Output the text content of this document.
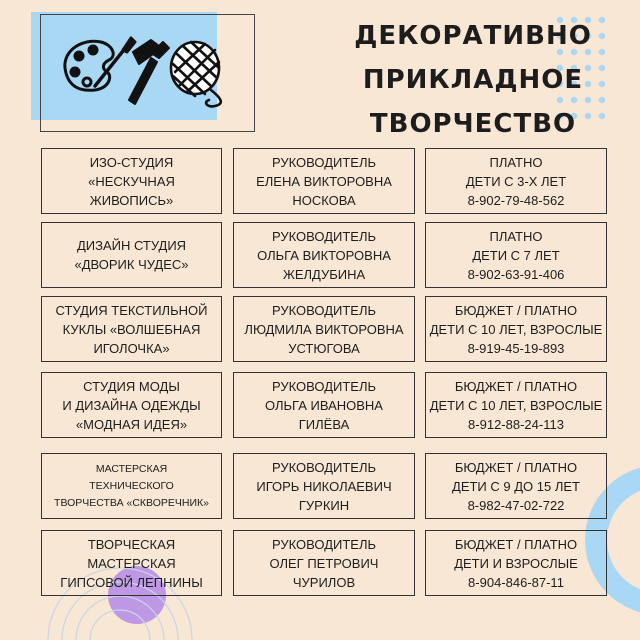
ДЕКОРАТИВНО
ПРИКЛАДНОЕ
ТВОРЧЕСТВО
ИЗО-СТУДИЯ
«НЕСКУЧНАЯ
ЖИВОПИСЬ»
РУКОВОДИТЕЛЬ
ЕЛЕНА ВИКТОРОВНА
НОСКОВА
ПЛАТНО
ДЕТИ С 3-Х ЛЕТ
8-902-79-48-562
ДИЗАЙН СТУДИЯ
«ДВОРИК ЧУДЕС»
РУКОВОДИТЕЛЬ
ОЛЬГА ВИКТОРОВНА
ЖЕЛДУБИНА
ПЛАТНО
ДЕТИ С 7 ЛЕТ
8-902-63-91-406
СТУДИЯ ТЕКСТИЛЬНОЙ
КУКЛЫ «ВОЛШЕБНАЯ
ИГОЛОЧКА»
РУКОВОДИТЕЛЬ
ЛЮДМИЛА ВИКТОРОВНА
УСТЮГОВА
БЮДЖЕТ / ПЛАТНО
ДЕТИ С 10 ЛЕТ, ВЗРОСЛЫЕ
8-919-45-19-893
СТУДИЯ МОДЫ
И ДИЗАЙНА ОДЕЖДЫ
«МОДНАЯ ИДЕЯ»
РУКОВОДИТЕЛЬ
ОЛЬГА ИВАНОВНА
ГИЛЁВА
БЮДЖЕТ / ПЛАТНО
ДЕТИ С 10 ЛЕТ, ВЗРОСЛЫЕ
8-912-88-24-113
МАСТЕРСКАЯ
ТЕХНИЧЕСКОГО
ТВОРЧЕСТВА «СКВОРЕЧНИК»
РУКОВОДИТЕЛЬ
ИГОРЬ НИКОЛАЕВИЧ
ГУРКИН
БЮДЖЕТ / ПЛАТНО
ДЕТИ С 9 ДО 15 ЛЕТ
8-982-47-02-722
ТВОРЧЕСКАЯ
МАСТЕРСКАЯ
ГИПСОВОЙ ЛЕПНИНЫ
РУКОВОДИТЕЛЬ
ОЛЕГ ПЕТРОВИЧ
ЧУРИЛОВ
БЮДЖЕТ / ПЛАТНО
ДЕТИ И ВЗРОСЛЫЕ
8-904-846-87-11
